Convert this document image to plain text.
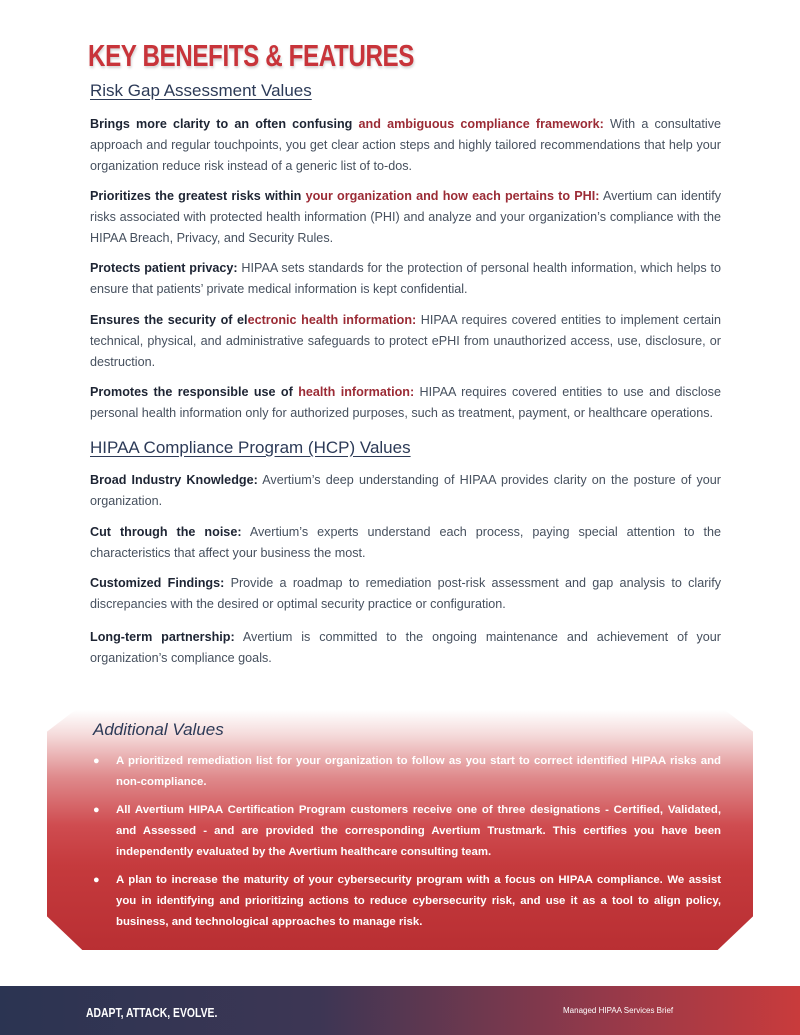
KEY BENEFITS & FEATURES
Risk Gap Assessment Values

Brings more clarity to an often confusing and ambiguous compliance framework: With a consultative approach and regular touchpoints, you get clear action steps and highly tailored recommendations that help your organization reduce risk instead of a generic list of to-dos.

Prioritizes the greatest risks within your organization and how each pertains to PHI: Avertium can identify risks associated with protected health information (PHI) and analyze and your organization’s compliance with the HIPAA Breach, Privacy, and Security Rules.

Protects patient privacy: HIPAA sets standards for the protection of personal health information, which helps to ensure that patients’ private medical information is kept confidential.

Ensures the security of electronic health information: HIPAA requires covered entities to implement certain technical, physical, and administrative safeguards to protect ePHI from unauthorized access, use, disclosure, or destruction.

Promotes the responsible use of health information: HIPAA requires covered entities to use and disclose personal health information only for authorized purposes, such as treatment, payment, or healthcare operations.

HIPAA Compliance Program (HCP) Values

Broad Industry Knowledge: Avertium’s deep understanding of HIPAA provides clarity on the posture of your organization.

Cut through the noise: Avertium’s experts understand each process, paying special attention to the characteristics that affect your business the most.

Customized Findings: Provide a roadmap to remediation post-risk assessment and gap analysis to clarify discrepancies with the desired or optimal security practice or configuration.

Long-term partnership: Avertium is committed to the ongoing maintenance and achievement of your organization’s compliance goals.

Additional Values
● A prioritized remediation list for your organization to follow as you start to correct identified HIPAA risks and non-compliance.
● All Avertium HIPAA Certification Program customers receive one of three designations - Certified, Validated, and Assessed - and are provided the corresponding Avertium Trustmark. This certifies you have been independently evaluated by the Avertium healthcare consulting team.
● A plan to increase the maturity of your cybersecurity program with a focus on HIPAA compliance. We assist you in identifying and prioritizing actions to reduce cybersecurity risk, and use it as a tool to align policy, business, and technological approaches to manage risk.

ADAPT, ATTACK, EVOLVE.	Managed HIPAA Services Brief
